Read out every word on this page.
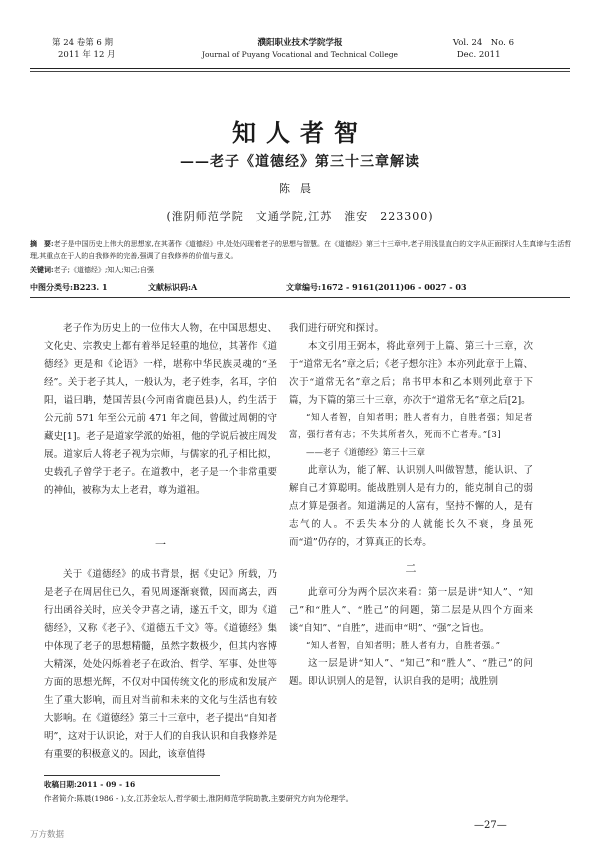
第 24 卷第 6 期
2011 年 12 月
濮阳职业技术学院学报
Journal of Puyang Vocational and Technical College
Vol. 24　No. 6
Dec. 2011
知人者智
——老子《道德经》第三十三章解读
陈晨
(淮阴师范学院　文通学院,江苏　淮安　223300)
摘　要:老子是中国历史上伟大的思想家,在其著作《道德经》中,处处闪现着老子的思想与智慧。在《道德经》第三十三章中,老子用浅显直白的文字从正面探讨人生真谛与生活哲理,其重点在于人的自我修养的完善,强调了自我修养的价值与意义。
关键词:老子;《道德经》;知人;知己;自强
中图分类号:B223. 1	文献标识码:A	文章编号:1672 - 9161(2011)06 - 0027 - 03

老子作为历史上的一位伟大人物，在中国思想史、文化史、宗教史上都有着举足轻重的地位，其著作《道德经》更是和《论语》一样，堪称中华民族灵魂的“圣经”。关于老子其人，一般认为，老子姓李，名耳，字伯阳，谥曰聃，楚国苦县(今河南省鹿邑县)人，约生活于公元前 571 年至公元前 471 年之间，曾做过周朝的守藏史[1]。老子是道家学派的始祖，他的学说后被庄周发展。道家后人将老子视为宗师，与儒家的孔子相比拟，史载孔子曾学于老子。在道教中，老子是一个非常重要的神仙，被称为太上老君，尊为道祖。

一

关于《道德经》的成书背景，据《史记》所载，乃是老子在周居住已久，看见周逐渐衰微，因而离去，西行出函谷关时，应关令尹喜之请，遂五千文，即为《道德经》，又称《老子》、《道德五千文》等。《道德经》集中体现了老子的思想精髓，虽然字数极少，但其内容博大精深，处处闪烁着老子在政治、哲学、军事、处世等方面的思想光辉，不仅对中国传统文化的形成和发展产生了重大影响，而且对当前和未来的文化与生活也有较大影响。在《道德经》第三十三章中，老子提出“自知者明”，这对于认识论，对于人们的自我认识和自我修养是有重要的积极意义的。因此，该章值得

我们进行研究和探讨。

本文引用王弼本，将此章列于上篇、第三十三章，次于“道常无名”章之后；《老子想尔注》本亦列此章于上篇、次于“道常无名”章之后；帛书甲本和乙本则列此章于下篇，为下篇的第三十三章，亦次于“道常无名”章之后[2]。

“知人者智，自知者明；胜人者有力，自胜者强；知足者富，强行者有志；不失其所者久，死而不亡者寿。”[3]

——老子《道德经》第三十三章

此章认为，能了解、认识别人叫做智慧，能认识、了解自己才算聪明。能战胜别人是有力的，能克制自己的弱点才算是强者。知道满足的人富有，坚持不懈的人，是有志气的人。不丢失本分的人就能长久不衰，身虽死而“道”仍存的，才算真正的长寿。

二

此章可分为两个层次来看：第一层是讲“知人”、“知己”和“胜人”、“胜己”的问题，第二层是从四个方面来谈“自知”、“自胜”，进而申“明”、“强”之旨也。

“知人者智，自知者明；胜人者有力，自胜者强。”

这一层是讲“知人”、“知己”和“胜人”、“胜己”的问题。即认识别人的是智，认识自我的是明；战胜别

收稿日期:2011 - 09 - 16
作者简介:陈晨(1986 - ),女,江苏金坛人,哲学硕士,淮阴师范学院助教,主要研究方向为伦理学。
—27—
万方数据
